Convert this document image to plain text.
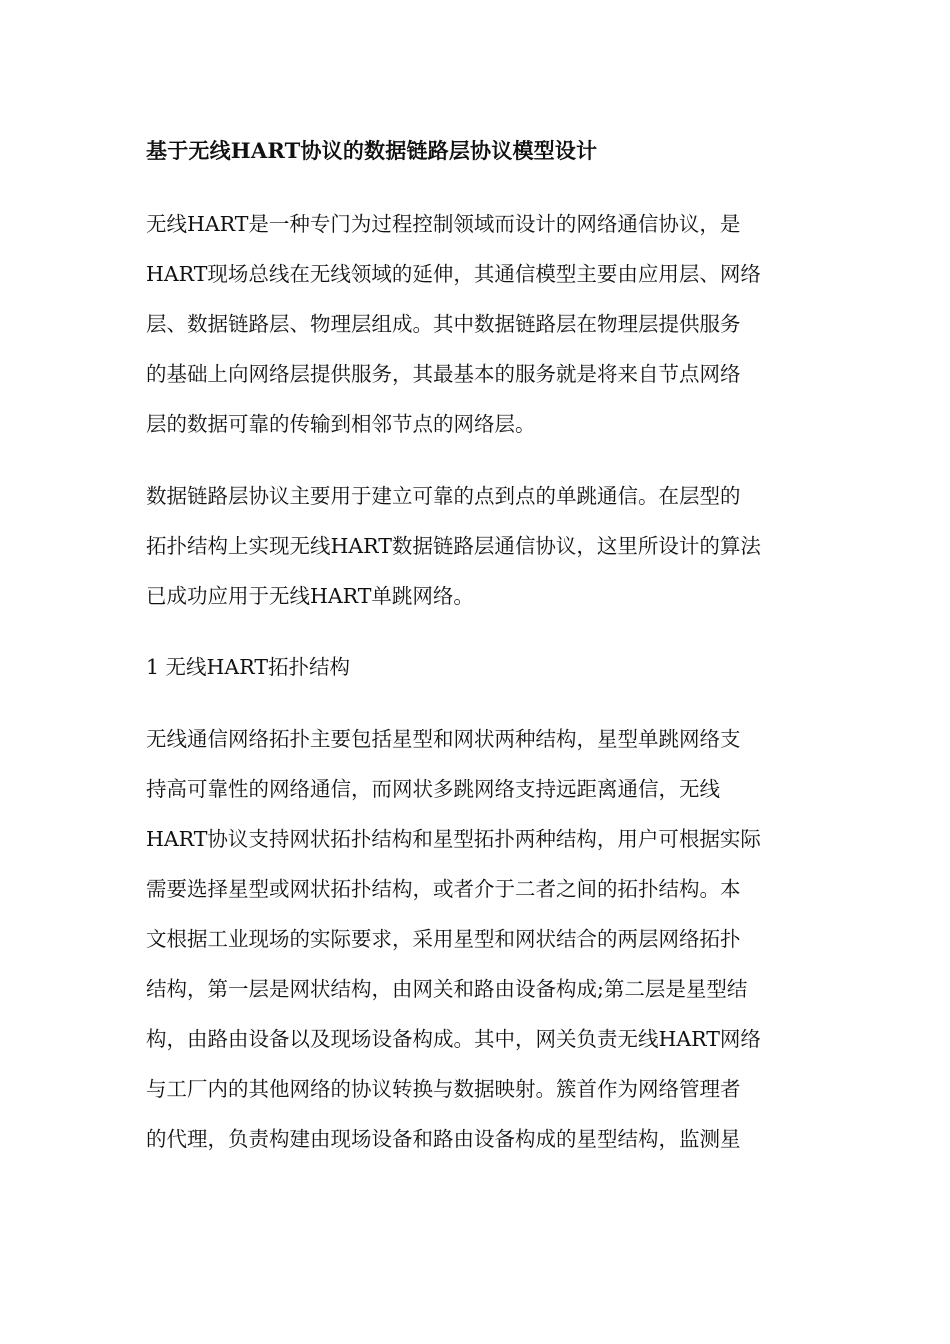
基于无线HART协议的数据链路层协议模型设计
无线HART是一种专门为过程控制领域而设计的网络通信协议，是
HART现场总线在无线领域的延伸，其通信模型主要由应用层、网络
层、数据链路层、物理层组成。其中数据链路层在物理层提供服务
的基础上向网络层提供服务，其最基本的服务就是将来自节点网络
层的数据可靠的传输到相邻节点的网络层。
数据链路层协议主要用于建立可靠的点到点的单跳通信。在层型的
拓扑结构上实现无线HART数据链路层通信协议，这里所设计的算法
已成功应用于无线HART单跳网络。
1 无线HART拓扑结构
无线通信网络拓扑主要包括星型和网状两种结构，星型单跳网络支
持高可靠性的网络通信，而网状多跳网络支持远距离通信，无线
HART协议支持网状拓扑结构和星型拓扑两种结构，用户可根据实际
需要选择星型或网状拓扑结构，或者介于二者之间的拓扑结构。本
文根据工业现场的实际要求，采用星型和网状结合的两层网络拓扑
结构，第一层是网状结构，由网关和路由设备构成;第二层是星型结
构，由路由设备以及现场设备构成。其中，网关负责无线HART网络
与工厂内的其他网络的协议转换与数据映射。簇首作为网络管理者
的代理，负责构建由现场设备和路由设备构成的星型结构，监测星
